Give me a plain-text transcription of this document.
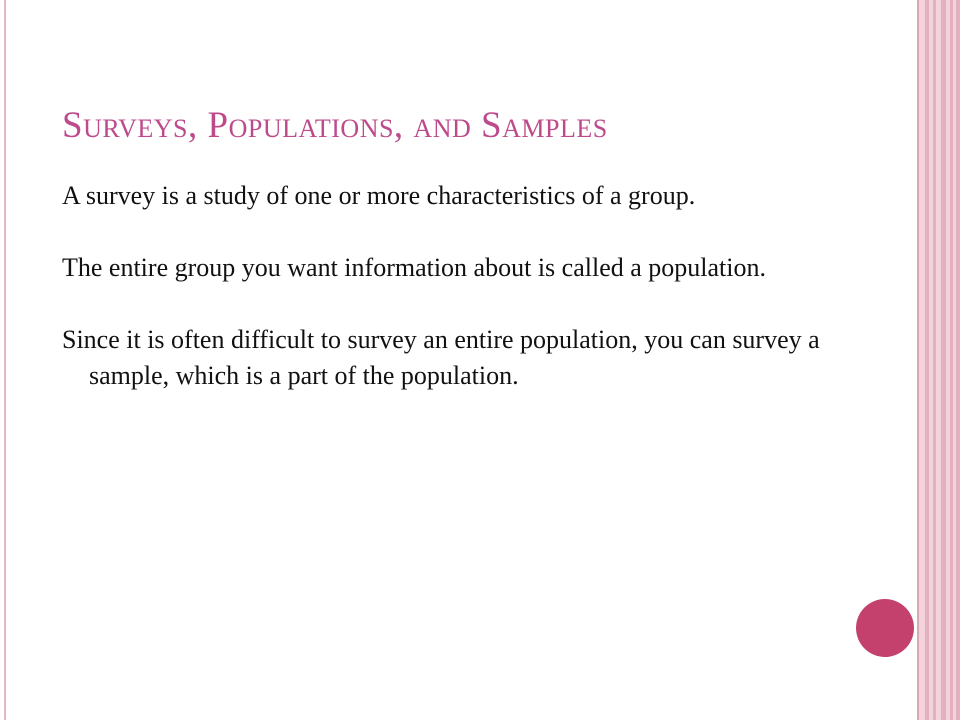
Surveys, Populations, and Samples

A survey is a study of one or more characteristics of a group.

The entire group you want information about is called a population.

Since it is often difficult to survey an entire population, you can survey a sample, which is a part of the population.
